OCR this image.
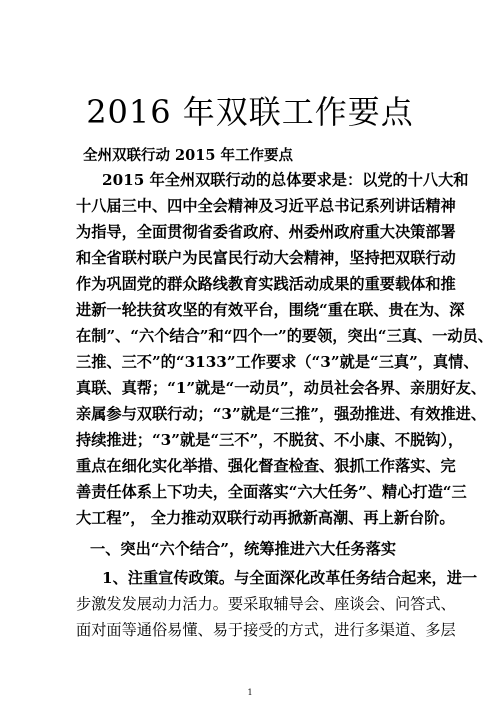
2016 年双联工作要点
全州双联行动 2015 年工作要点
2015 年全州双联行动的总体要求是：以党的十八大和
十八届三中、四中全会精神及习近平总书记系列讲话精神
为指导，全面贯彻省委省政府、州委州政府重大决策部署
和全省联村联户为民富民行动大会精神，坚持把双联行动
作为巩固党的群众路线教育实践活动成果的重要载体和推
进新一轮扶贫攻坚的有效平台，围绕“重在联、贵在为、深
在制”、“六个结合”和“四个一”的要领，突出“三真、一动员、
三推、三不”的“3133”工作要求（“3”就是“三真”，真情、
真联、真帮；“1”就是“一动员”，动员社会各界、亲朋好友、
亲属参与双联行动；“3”就是“三推”，强劲推进、有效推进、
持续推进；“3”就是“三不”，不脱贫、不小康、不脱钩），
重点在细化实化举措、强化督查检查、狠抓工作落实、完
善责任体系上下功夫，全面落实“六大任务”、精心打造“三
大工程”， 全力推动双联行动再掀新高潮、再上新台阶。
一、突出“六个结合”，统筹推进六大任务落实
1、注重宣传政策。与全面深化改革任务结合起来，进一
步激发发展动力活力。要采取辅导会、座谈会、问答式、
面对面等通俗易懂、易于接受的方式，进行多渠道、多层
1
